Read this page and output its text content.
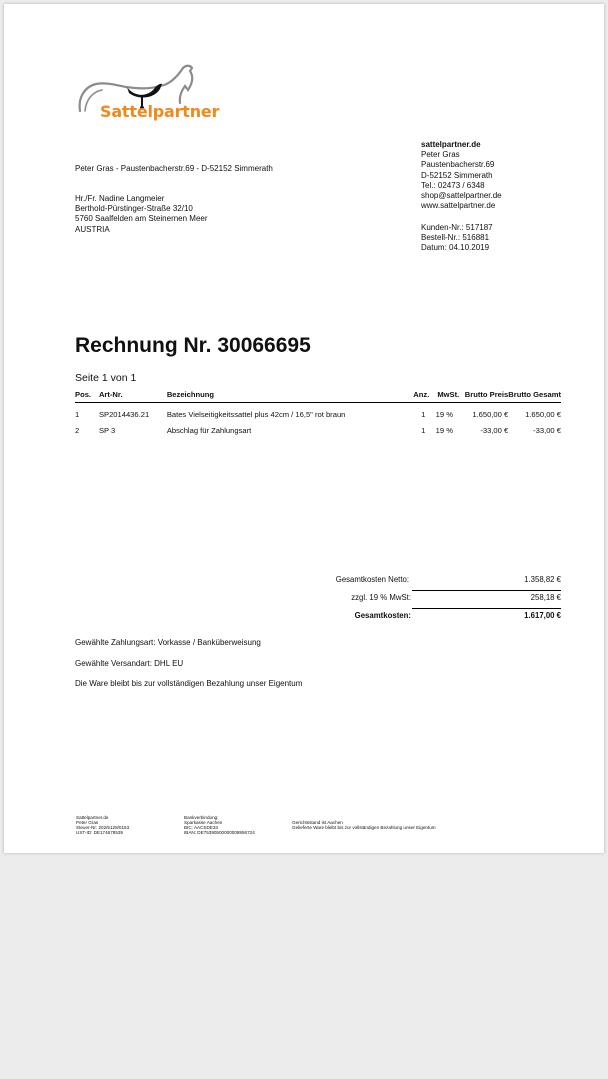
Sattelpartner
Peter Gras - Paustenbacherstr.69 - D-52152 Simmerath
Hr./Fr. Nadine Langmeier
Berthold-Pürstinger-Straße 32/10
5760 Saalfelden am Steinernen Meer
AUSTRIA
sattelpartner.de
Peter Gras
Paustenbacherstr.69
D-52152 Simmerath
Tel.: 02473 / 6348
shop@sattelpartner.de
www.sattelpartner.de
Kunden-Nr.: 517187
Bestell-Nr.: 516881
Datum: 04.10.2019
Rechnung Nr. 30066695
Seite 1 von 1
Pos.	Art-Nr.	Bezeichnung	Anz.	MwSt.	Brutto Preis	Brutto Gesamt
1	SP2014436.21	Bates Vielseitigkeitssattel plus 42cm / 16,5" rot braun	1	19 %	1.650,00 €	1.650,00 €
2	SP 3	Abschlag für Zahlungsart	1	19 %	-33,00 €	-33,00 €
Gesamtkosten Netto:	1.358,82 €
zzgl. 19 % MwSt:	258,18 €
Gesamtkosten:	1.617,00 €
Gewählte Zahlungsart: Vorkasse / Banküberweisung
Gewählte Versandart: DHL EU
Die Ware bleibt bis zur vollständigen Bezahlung unser Eigentum
Sattelpartner.de
Peter Gras
Steuer-Nr: 202/5128/0153
UST-ID: DE174678539
Bankverbindung:
Sparkasse Aachen
BIC: AACSDE33
IBAN: DE75390500000008956724
Gerichtsstand ist Aachen
Gelieferte Ware bleibt bis zur vollständigen Bezahlung unser Eigentum
